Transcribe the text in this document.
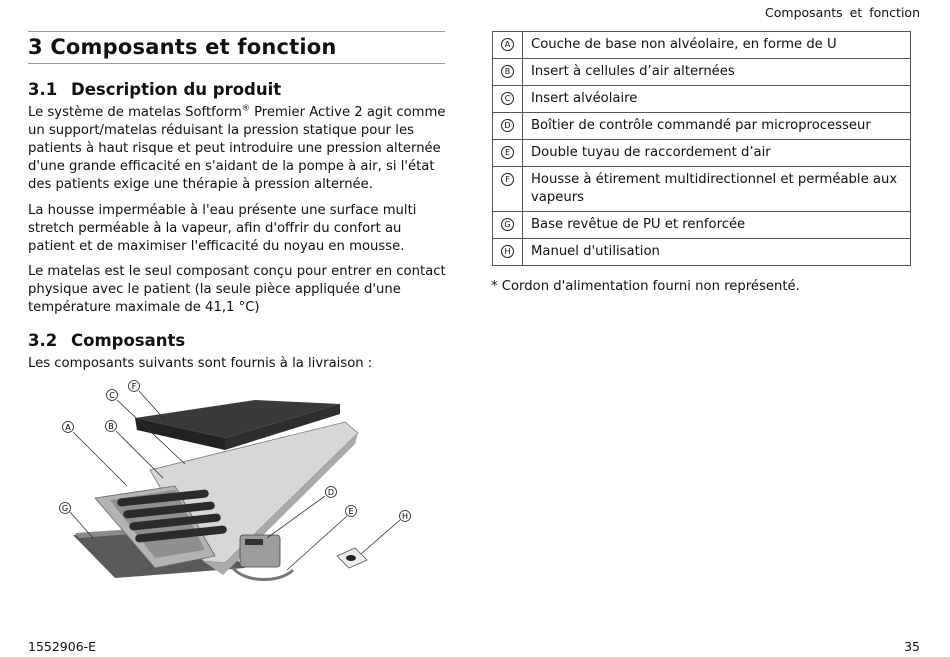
Composants et fonction
3 Composants et fonction
3.1 Description du produit

Le système de matelas Softform® Premier Active 2 agit comme un support/matelas réduisant la pression statique pour les patients à haut risque et peut introduire une pression alternée d'une grande efficacité en s'aidant de la pompe à air, si l'état des patients exige une thérapie à pression alternée.

La housse imperméable à l'eau présente une surface multi stretch perméable à la vapeur, afin d'offrir du confort au patient et de maximiser l'efficacité du noyau en mousse.

Le matelas est le seul composant conçu pour entrer en contact physique avec le patient (la seule pièce appliquée d'une température maximale de 41,1 °C)

3.2 Composants

Les composants suivants sont fournis à la livraison :

F
C
A	B
G
D
E
H
A	Couche de base non alvéolaire, en forme de U
B	Insert à cellules d’air alternées
C	Insert alvéolaire
D	Boîtier de contrôle commandé par microprocesseur
E	Double tuyau de raccordement d’air
F	Housse à étirement multidirectionnel et perméable aux vapeurs
G	Base revêtue de PU et renforcée
H	Manuel d'utilisation
* Cordon d'alimentation fourni non représenté.
1552906-E	35
